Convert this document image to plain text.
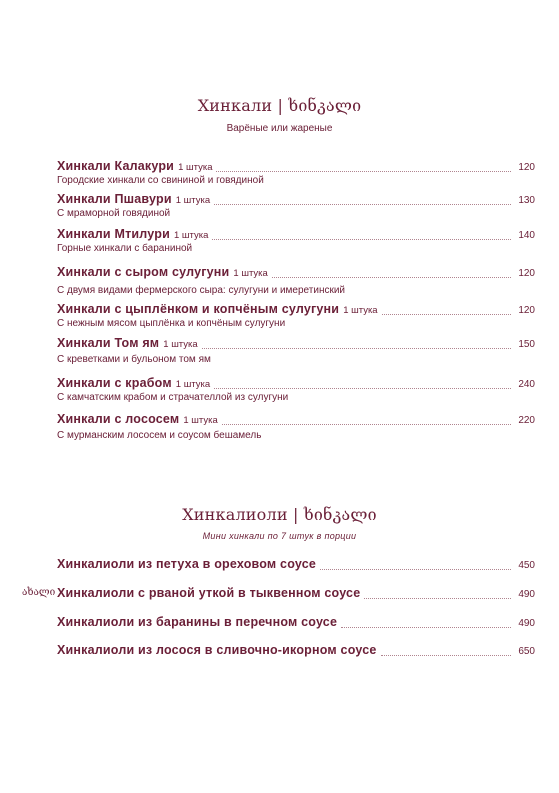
Хинкали | ხინკალი
Варёные или жареные
Хинкали Калакури 1 штука	120
Городские хинкали со свининой и говядиной
Хинкали Пшавури 1 штука	130
С мраморной говядиной
Хинкали Мтилури 1 штука	140
Горные хинкали с бараниной
Хинкали с сыром сулугуни 1 штука	120
С двумя видами фермерского сыра: сулугуни и имеретинский
Хинкали с цыплёнком и копчёным сулугуни 1 штука	120
С нежным мясом цыплёнка и копчёным сулугуни
Хинкали Том ям 1 штука	150
С креветками и бульоном том ям
Хинкали с крабом 1 штука	240
С камчатским крабом и страчателлой из сулугуни
Хинкали с лососем 1 штука	220
С мурманским лососем и соусом бешамель
Хинкалиоли | ხინკალი
Мини хинкали по 7 штук в порции
Хинкалиоли из петуха в ореховом соусе	450
ახალი Хинкалиоли с рваной уткой в тыквенном соусе	490
Хинкалиоли из баранины в перечном соусе	490
Хинкалиоли из лосося в сливочно-икорном соусе	650
